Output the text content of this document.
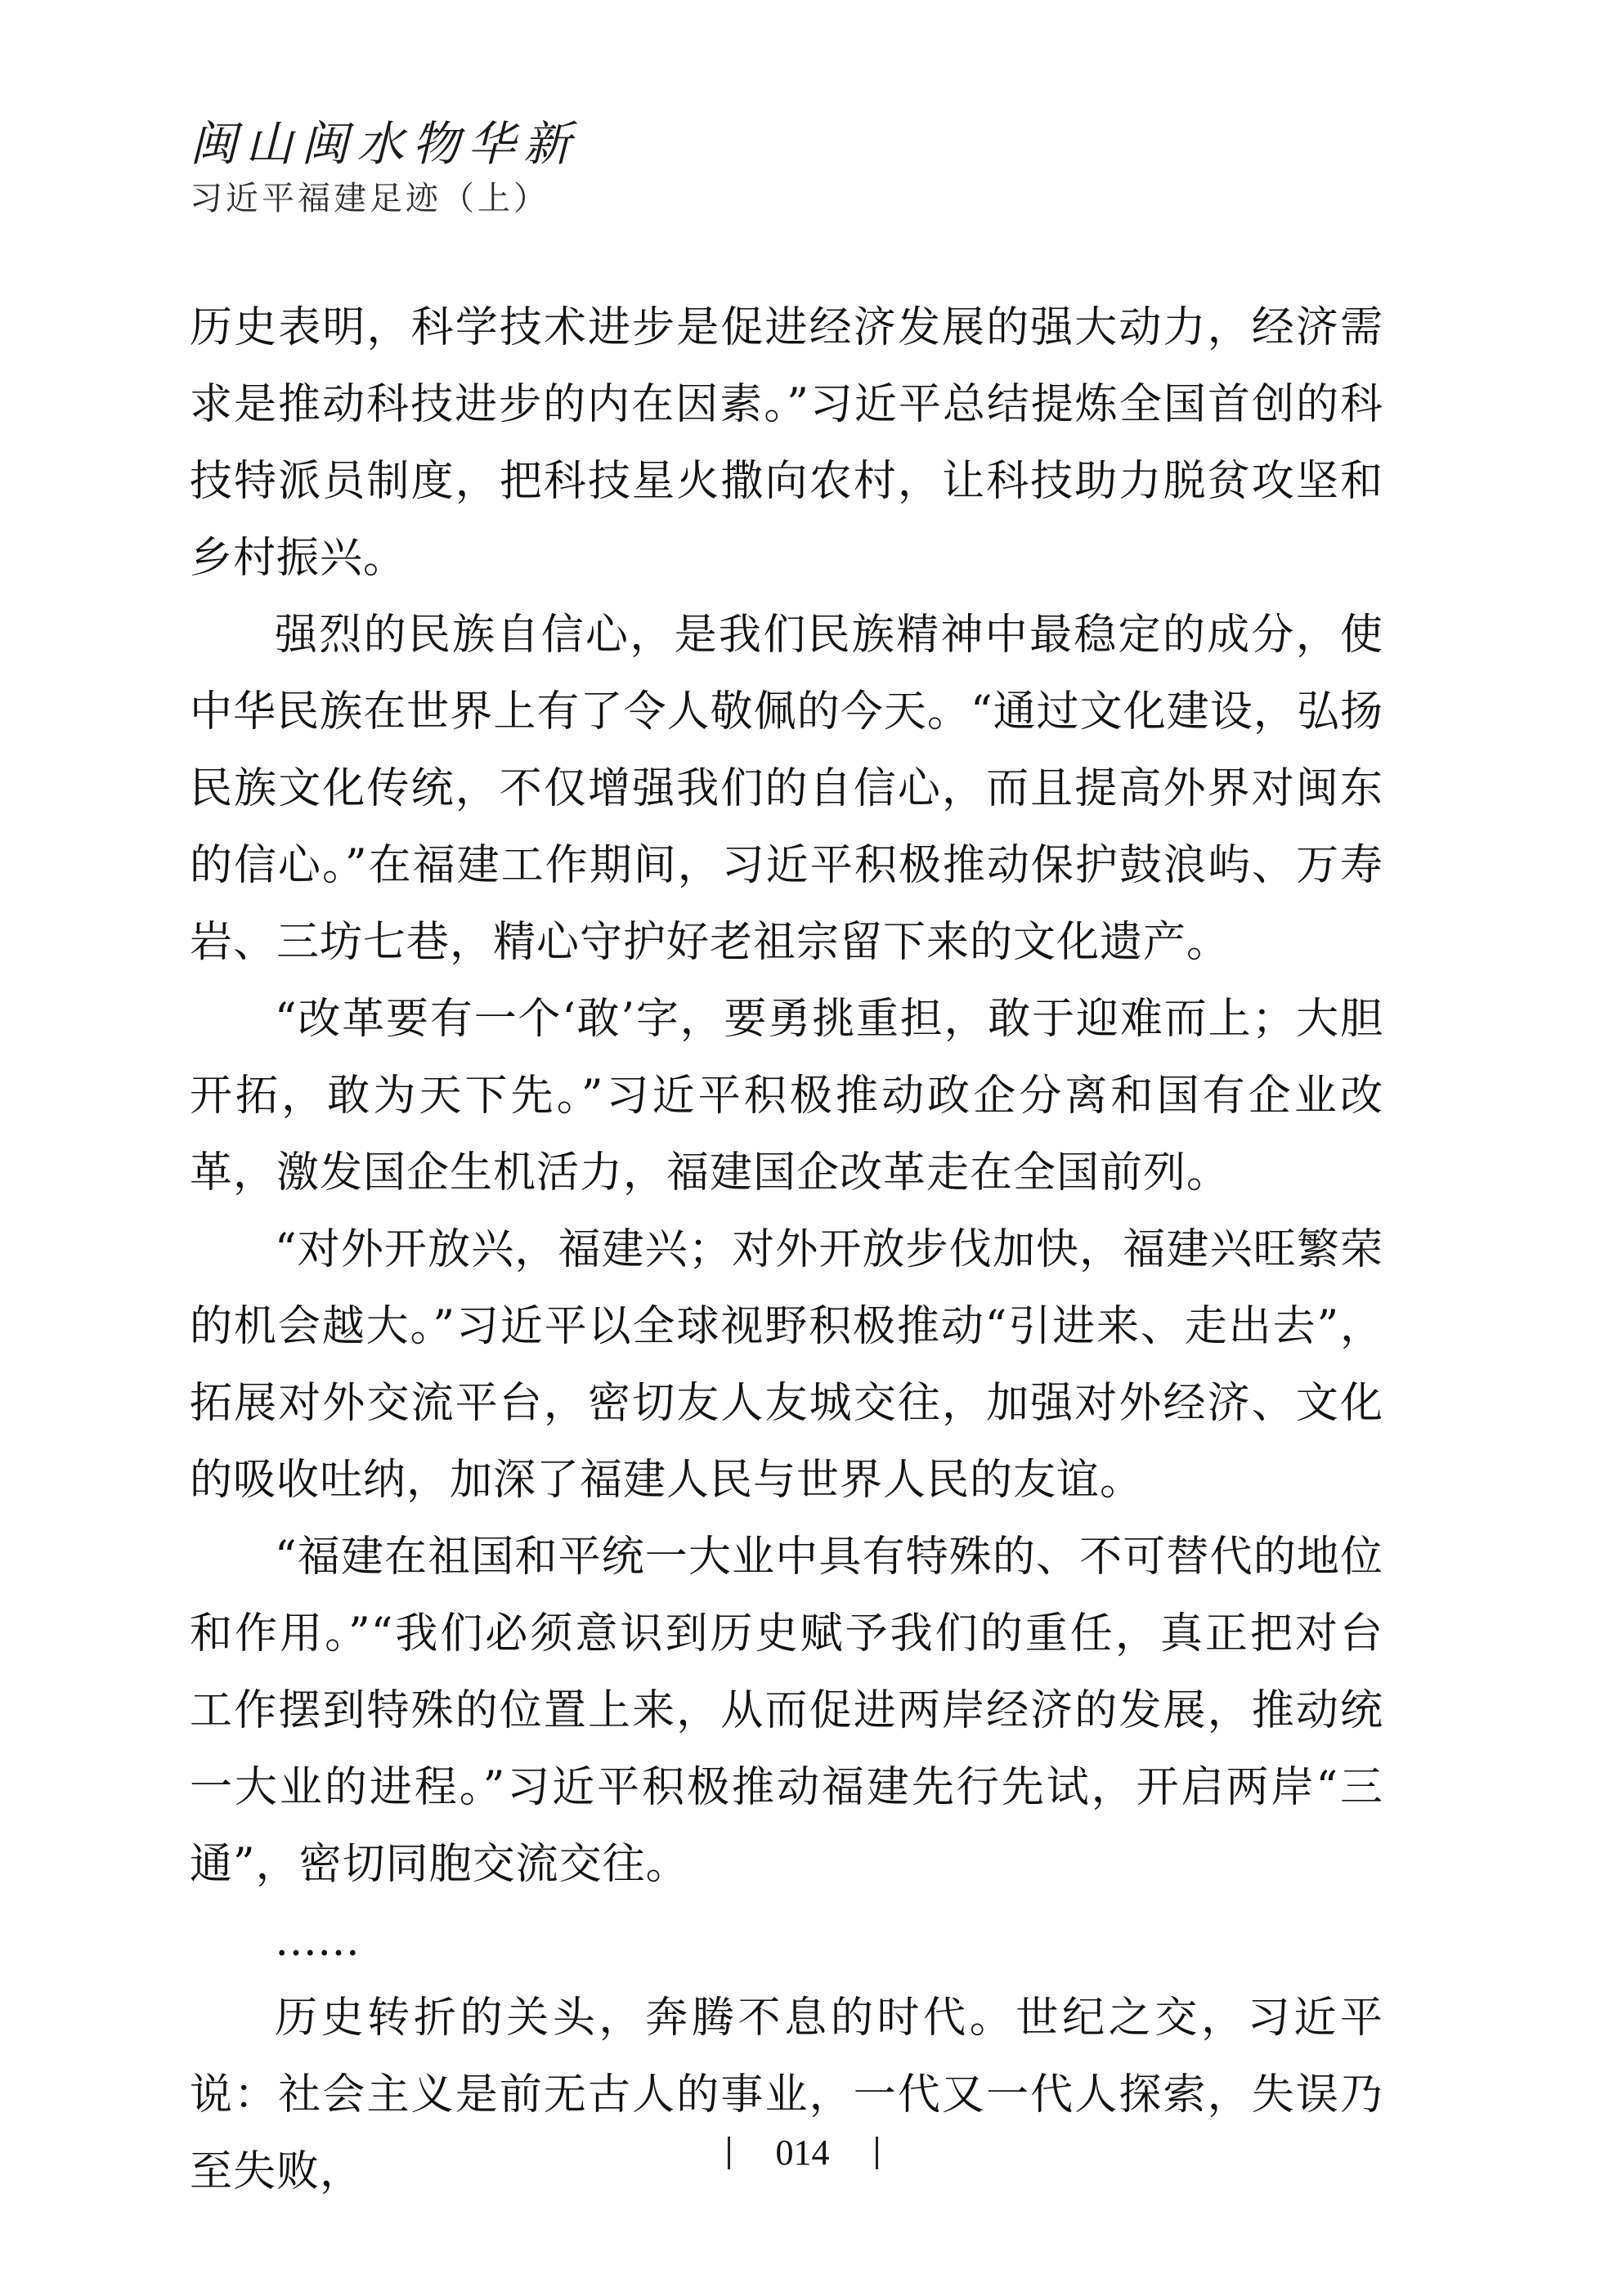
闽山闽水物华新
习近平福建足迹（上）

历史表明，科学技术进步是促进经济发展的强大动力，经济需求是推动科技进步的内在因素。”习近平总结提炼全国首创的科技特派员制度，把科技星火撒向农村，让科技助力脱贫攻坚和乡村振兴。

强烈的民族自信心，是我们民族精神中最稳定的成分，使中华民族在世界上有了令人敬佩的今天。“通过文化建设，弘扬民族文化传统，不仅增强我们的自信心，而且提高外界对闽东的信心。”在福建工作期间，习近平积极推动保护鼓浪屿、万寿岩、三坊七巷，精心守护好老祖宗留下来的文化遗产。

“改革要有一个‘敢’字，要勇挑重担，敢于迎难而上；大胆开拓，敢为天下先。”习近平积极推动政企分离和国有企业改革，激发国企生机活力，福建国企改革走在全国前列。

“对外开放兴，福建兴；对外开放步伐加快，福建兴旺繁荣的机会越大。”习近平以全球视野积极推动“引进来、走出去”，拓展对外交流平台，密切友人友城交往，加强对外经济、文化的吸收吐纳，加深了福建人民与世界人民的友谊。

“福建在祖国和平统一大业中具有特殊的、不可替代的地位和作用。”“我们必须意识到历史赋予我们的重任，真正把对台工作摆到特殊的位置上来，从而促进两岸经济的发展，推动统一大业的进程。”习近平积极推动福建先行先试，开启两岸“三通”，密切同胞交流交往。

……

历史转折的关头，奔腾不息的时代。世纪之交，习近平说：社会主义是前无古人的事业，一代又一代人探索，失误乃至失败，	014
